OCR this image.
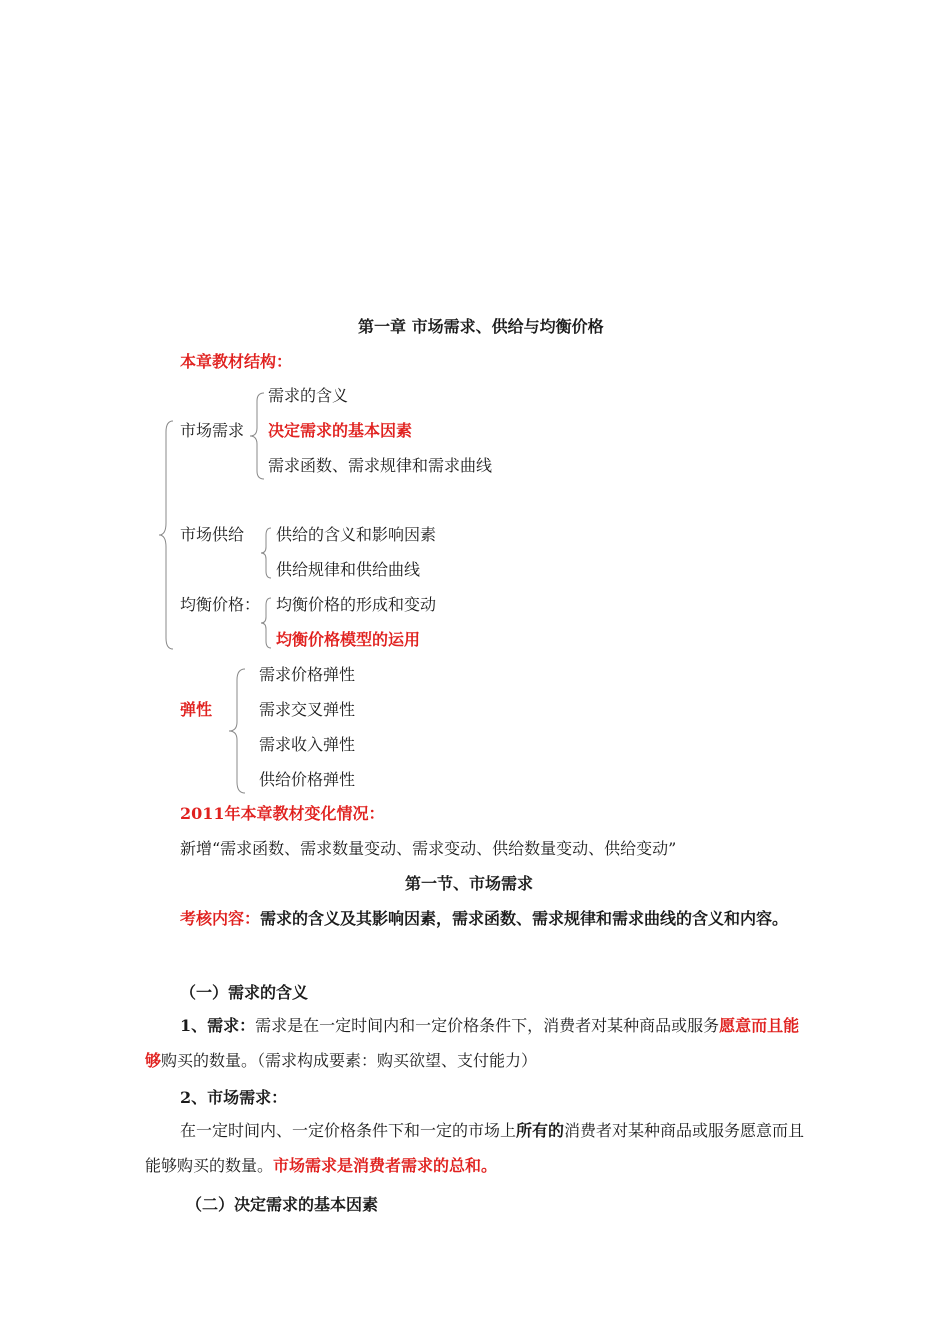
第一章 市场需求、供给与均衡价格
本章教材结构：
需求的含义
市场需求 决定需求的基本因素
需求函数、需求规律和需求曲线
市场供给 供给的含义和影响因素
供给规律和供给曲线
均衡价格： 均衡价格的形成和变动
均衡价格模型的运用
需求价格弹性
弹性	需求交叉弹性
需求收入弹性
供给价格弹性
2011年本章教材变化情况：
新增“需求函数、需求数量变动、需求变动、供给数量变动、供给变动”
第一节、市场需求
考核内容：需求的含义及其影响因素，需求函数、需求规律和需求曲线的含义和内容。
（一）需求的含义
1、需求：需求是在一定时间内和一定价格条件下，消费者对某种商品或服务愿意而且能够购买的数量。（需求构成要素：购买欲望、支付能力）
2、市场需求：
在一定时间内、一定价格条件下和一定的市场上所有的消费者对某种商品或服务愿意而且能够购买的数量。市场需求是消费者需求的总和。
（二）决定需求的基本因素
